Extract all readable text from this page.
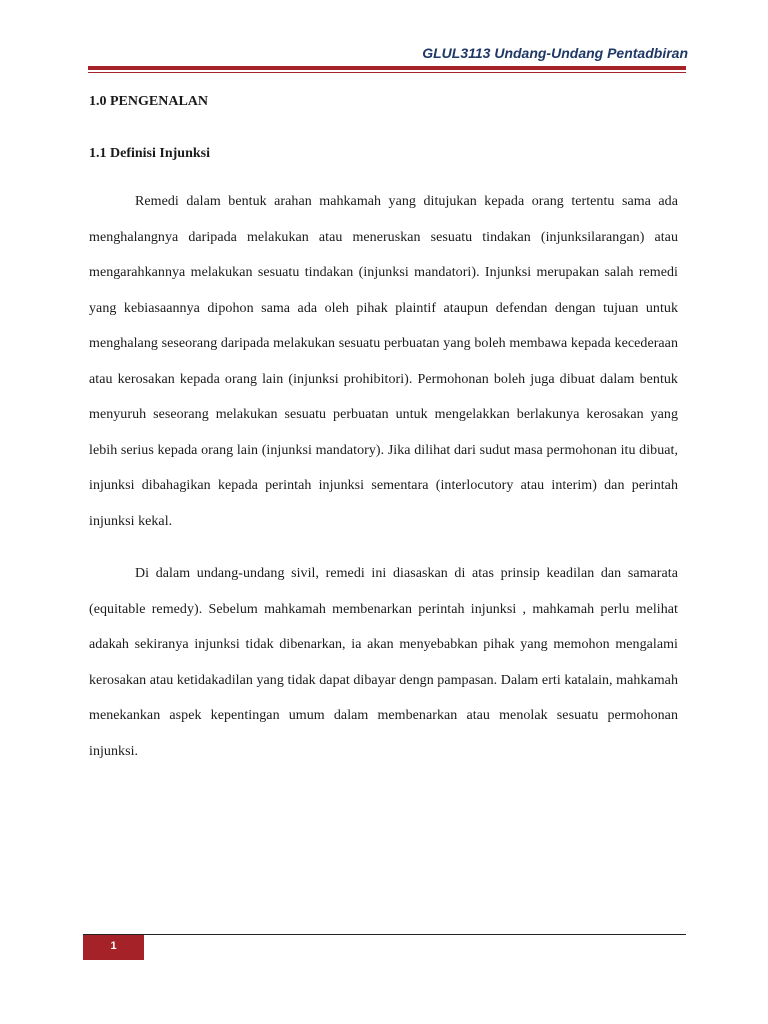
GLUL3113 Undang-Undang Pentadbiran
1.0 PENGENALAN
1.1 Definisi Injunksi

Remedi dalam bentuk arahan mahkamah yang ditujukan kepada orang tertentu sama ada menghalangnya daripada melakukan atau meneruskan sesuatu tindakan (injunksilarangan) atau mengarahkannya melakukan sesuatu tindakan (injunksi mandatori). Injunksi merupakan salah remedi yang kebiasaannya dipohon sama ada oleh pihak plaintif ataupun defendan dengan tujuan untuk menghalang seseorang daripada melakukan sesuatu perbuatan yang boleh membawa kepada kecederaan atau kerosakan kepada orang lain (injunksi prohibitori). Permohonan boleh juga dibuat dalam bentuk menyuruh seseorang melakukan sesuatu perbuatan untuk mengelakkan berlakunya kerosakan yang lebih serius kepada orang lain (injunksi mandatory). Jika dilihat dari sudut masa permohonan itu dibuat, injunksi dibahagikan kepada perintah injunksi sementara (interlocutory atau interim) dan perintah injunksi kekal.

Di dalam undang-undang sivil, remedi ini diasaskan di atas prinsip keadilan dan samarata (equitable remedy). Sebelum mahkamah membenarkan perintah injunksi , mahkamah perlu melihat adakah sekiranya injunksi tidak dibenarkan, ia akan menyebabkan pihak yang memohon mengalami kerosakan atau ketidakadilan yang tidak dapat dibayar dengn pampasan. Dalam erti katalain, mahkamah menekankan aspek kepentingan umum dalam membenarkan atau menolak sesuatu permohonan injunksi.

1
